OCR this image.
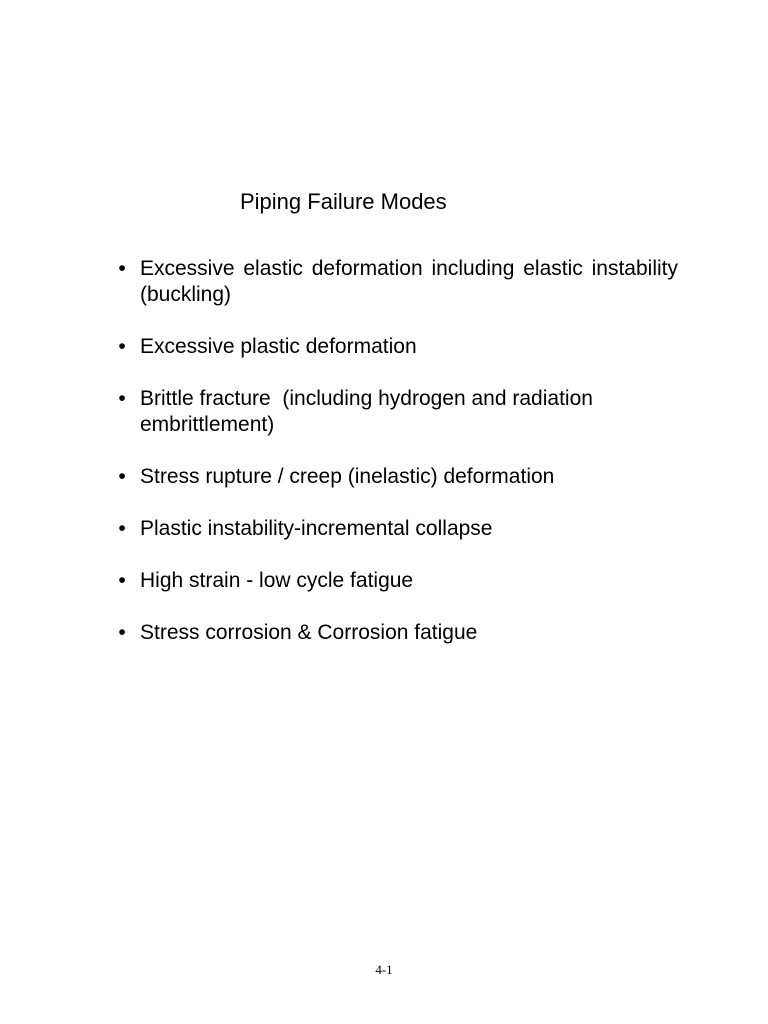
Piping Failure Modes
• Excessive elastic deformation including elastic instability (buckling)
• Excessive plastic deformation
• Brittle fracture  (including hydrogen and radiation embrittlement)
• Stress rupture / creep (inelastic) deformation
• Plastic instability-incremental collapse
• High strain - low cycle fatigue
• Stress corrosion & Corrosion fatigue
4-1
